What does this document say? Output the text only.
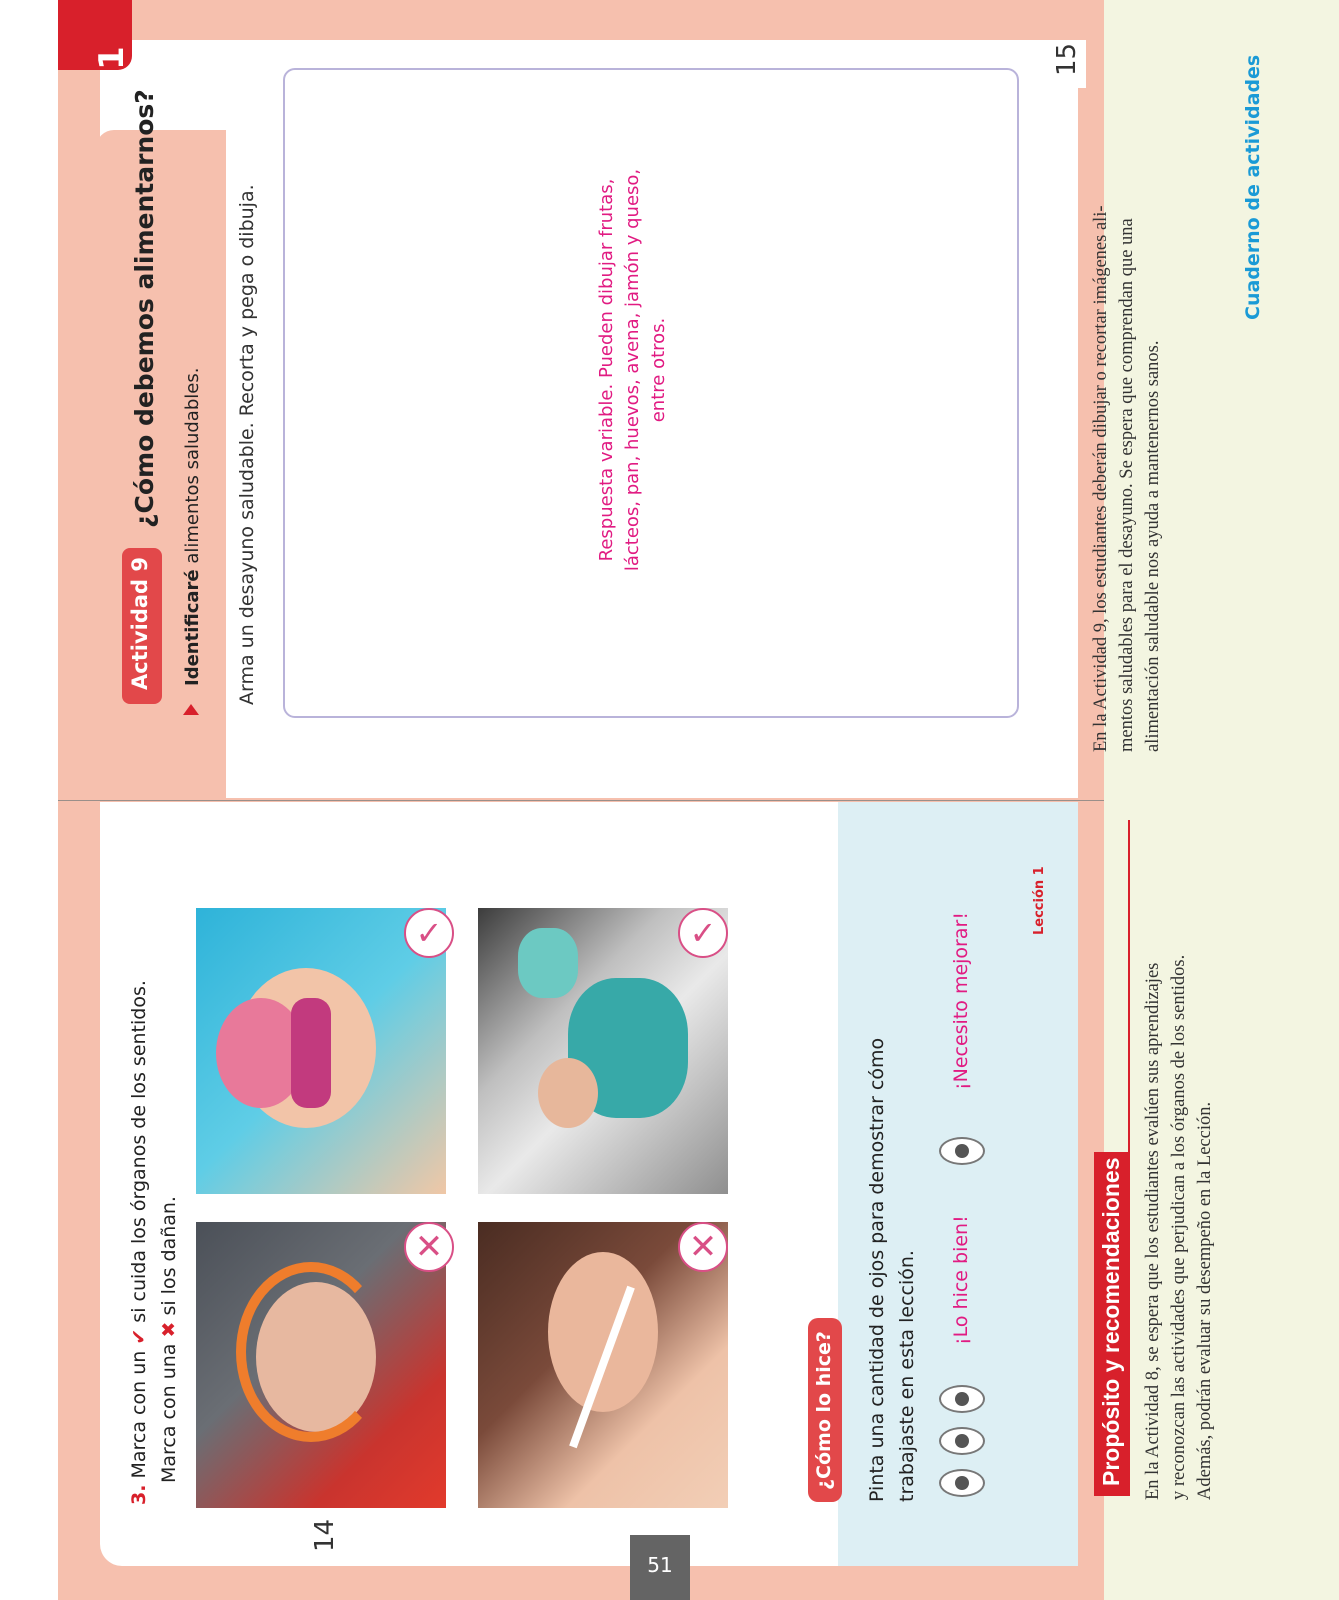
1	15
Actividad 9
¿Cómo debemos alimentarnos?
Identificaré alimentos saludables. Arma un desayuno saludable. Recorta y pega o dibuja.	Respuesta variable. Pueden dibujar frutas, lácteos, pan, huevos, avena, jamón y queso, entre otros.
3. Marca con un ✔ si cuida los órganos de los sentidos.
Marca con una ✖ si los dañan.	✕
✓
✕
✓
¿Cómo lo hice? Pinta una cantidad de ojos para demostrar cómo trabajaste en esta lección. ¡Lo hice bien!
¡Necesito mejorar!
Lección 1
14
51
Propósito y recomendaciones En la Actividad 8, se espera que los estudiantes evalúen sus aprendizajes y reconozcan las actividades que perjudican a los órganos de los sentidos. Además, podrán evaluar su desempeño en la Lección.
En la Actividad 9, los estudiantes deberán dibujar o recortar imágenes ali- mentos saludables para el desayuno. Se espera que comprendan que una alimentación saludable nos ayuda a mantenernos sanos.
Cuaderno de actividades
